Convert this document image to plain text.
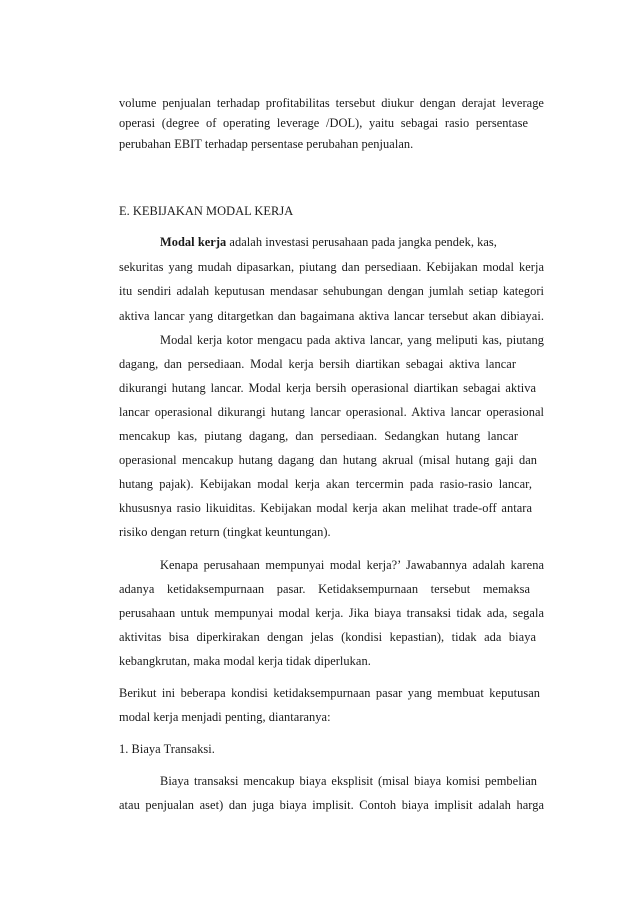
volume penjualan terhadap profitabilitas tersebut diukur dengan derajat leverage
operasi (degree of operating leverage /DOL), yaitu sebagai rasio persentase
perubahan EBIT terhadap persentase perubahan penjualan.
E. KEBIJAKAN MODAL KERJA
Modal kerja adalah investasi perusahaan pada jangka pendek, kas,
sekuritas yang mudah dipasarkan, piutang dan persediaan. Kebijakan modal kerja
itu sendiri adalah keputusan mendasar sehubungan dengan jumlah setiap kategori
aktiva lancar yang ditargetkan dan bagaimana aktiva lancar tersebut akan dibiayai.
Modal kerja kotor mengacu pada aktiva lancar, yang meliputi kas, piutang
dagang, dan persediaan. Modal kerja bersih diartikan sebagai aktiva lancar
dikurangi hutang lancar. Modal kerja bersih operasional diartikan sebagai aktiva
lancar operasional dikurangi hutang lancar operasional. Aktiva lancar operasional
mencakup kas, piutang dagang, dan persediaan. Sedangkan hutang lancar
operasional mencakup hutang dagang dan hutang akrual (misal hutang gaji dan
hutang pajak). Kebijakan modal kerja akan tercermin pada rasio-rasio lancar,
khususnya rasio likuiditas. Kebijakan modal kerja akan melihat trade-off antara
risiko dengan return (tingkat keuntungan).
Kenapa perusahaan mempunyai modal kerja?’ Jawabannya adalah karena
adanya ketidaksempurnaan pasar. Ketidaksempurnaan tersebut memaksa
perusahaan untuk mempunyai modal kerja. Jika biaya transaksi tidak ada, segala
aktivitas bisa diperkirakan dengan jelas (kondisi kepastian), tidak ada biaya
kebangkrutan, maka modal kerja tidak diperlukan.
Berikut ini beberapa kondisi ketidaksempurnaan pasar yang membuat keputusan
modal kerja menjadi penting, diantaranya:
1. Biaya Transaksi.
Biaya transaksi mencakup biaya eksplisit (misal biaya komisi pembelian
atau penjualan aset) dan juga biaya implisit. Contoh biaya implisit adalah harga
